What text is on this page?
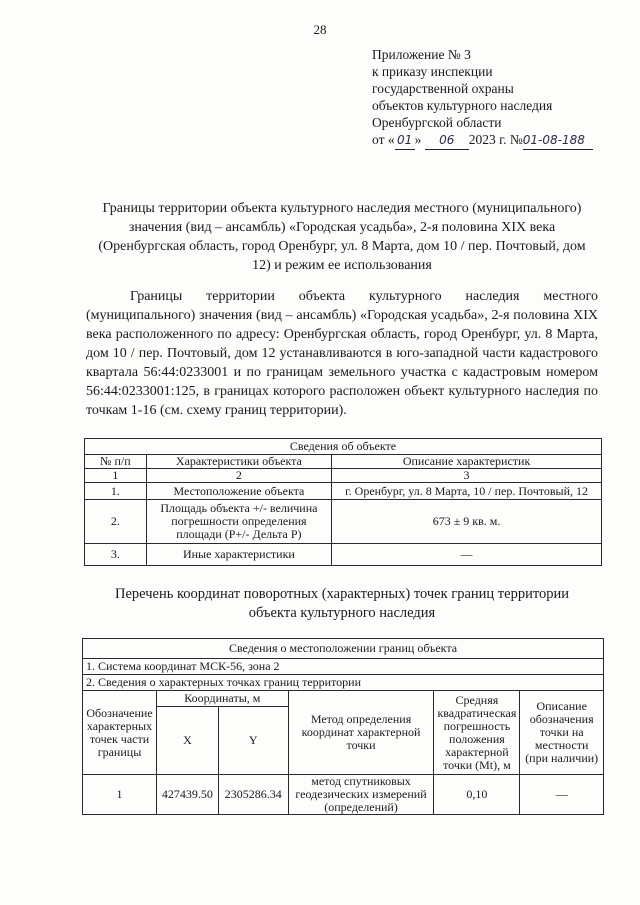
28
Приложение № 3
к приказу инспекции
государственной охраны
объектов культурного наследия
Оренбургской области
от « 01 » 06 2023 г. №01-08-188
Границы территории объекта культурного наследия местного (муниципального) значения (вид – ансамбль) «Городская усадьба», 2-я половина XIX века (Оренбургская область, город Оренбург, ул. 8 Марта, дом 10 / пер. Почтовый, дом 12) и режим ее использования
Границы территории объекта культурного наследия местного (муниципального) значения (вид – ансамбль) «Городская усадьба», 2-я половина XIX века расположенного по адресу: Оренбургская область, город Оренбург, ул. 8 Марта, дом 10 / пер. Почтовый, дом 12 устанавливаются в юго-западной части кадастрового квартала 56:44:0233001 и по границам земельного участка с кадастровым номером 56:44:0233001:125, в границах которого расположен объект культурного наследия по точкам 1-16 (см. схему границ территории).
Сведения об объекте		
№ п/п	Характеристики объекта	Описание характеристик
1	2	3
1.	Местоположение объекта	г. Оренбург, ул. 8 Марта, 10 / пер. Почтовый, 12
2.	Площадь объекта +/- величина погрешности определения площади (Р+/- Дельта Р)	673 ± 9 кв. м.
3.	Иные характеристики	—
Перечень координат поворотных (характерных) точек границ территории объекта культурного наследия
Сведения о местоположении границ объекта					
1. Система координат МСК-56, зона 2					
2. Сведения о характерных точках границ территории					
Обозначение характерных точек части границы	Координаты, м		Метод определения координат характерной точки	Средняя квадратическая погрешность положения характерной точки (Mt), м	Описание обозначения точки на местности (при наличии)
	X	Y			
1	427439.50	2305286.34	метод спутниковых геодезических измерений (определений)	0,10	—
